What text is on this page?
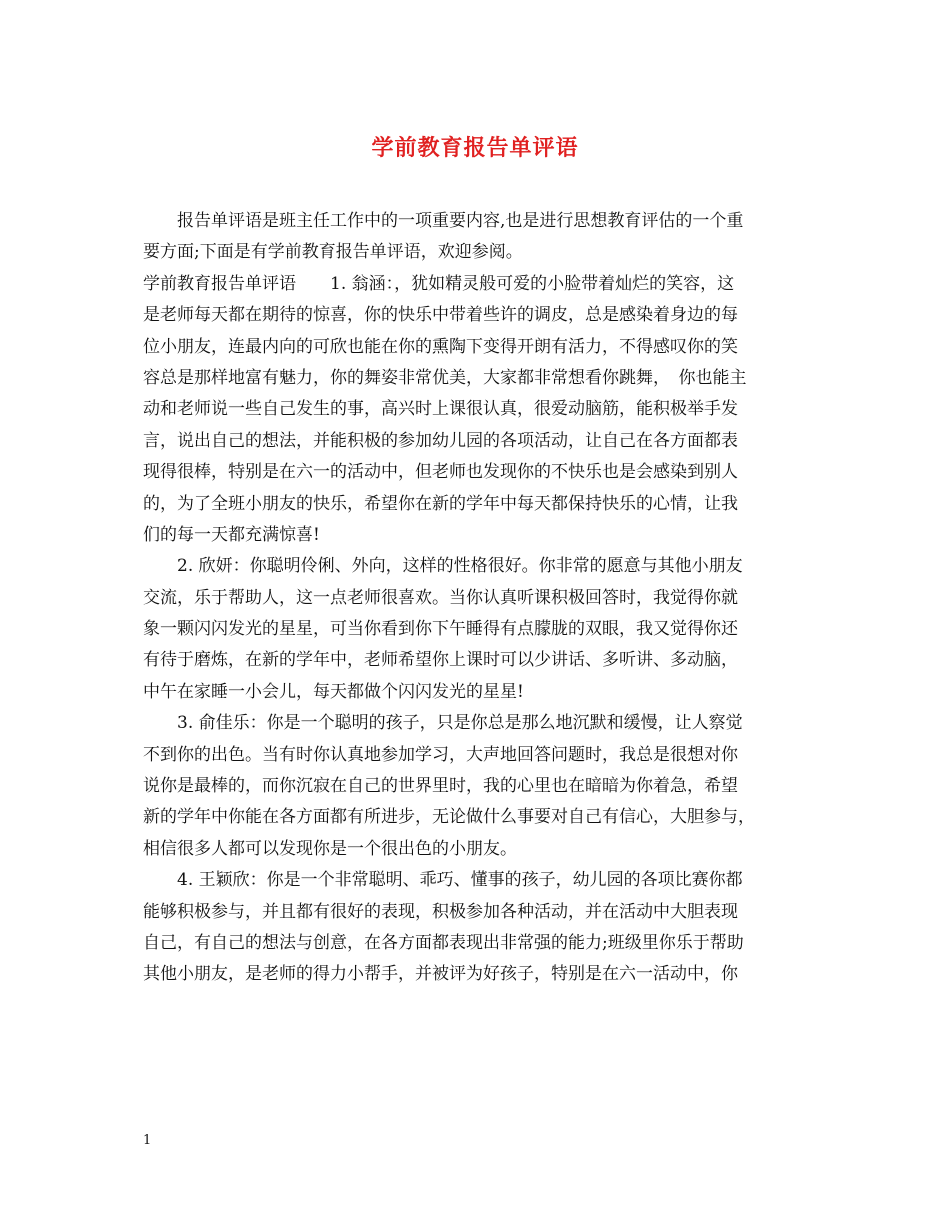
学前教育报告单评语
报告单评语是班主任工作中的一项重要内容,也是进行思想教育评估的一个重
要方面;下面是有学前教育报告单评语，欢迎参阅。
学前教育报告单评语　　1. 翁涵：，犹如精灵般可爱的小脸带着灿烂的笑容，这
是老师每天都在期待的惊喜，你的快乐中带着些许的调皮，总是感染着身边的每
位小朋友，连最内向的可欣也能在你的熏陶下变得开朗有活力，不得感叹你的笑
容总是那样地富有魅力，你的舞姿非常优美，大家都非常想看你跳舞，　你也能主
动和老师说一些自己发生的事，高兴时上课很认真，很爱动脑筋，能积极举手发
言，说出自己的想法，并能积极的参加幼儿园的各项活动，让自己在各方面都表
现得很棒，特别是在六一的活动中，但老师也发现你的不快乐也是会感染到别人
的，为了全班小朋友的快乐，希望你在新的学年中每天都保持快乐的心情，让我
们的每一天都充满惊喜!
2. 欣妍：你聪明伶俐、外向，这样的性格很好。你非常的愿意与其他小朋友
交流，乐于帮助人，这一点老师很喜欢。当你认真听课积极回答时，我觉得你就
象一颗闪闪发光的星星，可当你看到你下午睡得有点朦胧的双眼，我又觉得你还
有待于磨炼，在新的学年中，老师希望你上课时可以少讲话、多听讲、多动脑，
中午在家睡一小会儿，每天都做个闪闪发光的星星!
3. 俞佳乐：你是一个聪明的孩子，只是你总是那么地沉默和缓慢，让人察觉
不到你的出色。当有时你认真地参加学习，大声地回答问题时，我总是很想对你
说你是最棒的，而你沉寂在自己的世界里时，我的心里也在暗暗为你着急，希望
新的学年中你能在各方面都有所进步，无论做什么事要对自己有信心，大胆参与，
相信很多人都可以发现你是一个很出色的小朋友。
4. 王颖欣：你是一个非常聪明、乖巧、懂事的孩子，幼儿园的各项比赛你都
能够积极参与，并且都有很好的表现，积极参加各种活动，并在活动中大胆表现
自己，有自己的想法与创意，在各方面都表现出非常强的能力;班级里你乐于帮助
其他小朋友，是老师的得力小帮手，并被评为好孩子，特别是在六一活动中，你
1
